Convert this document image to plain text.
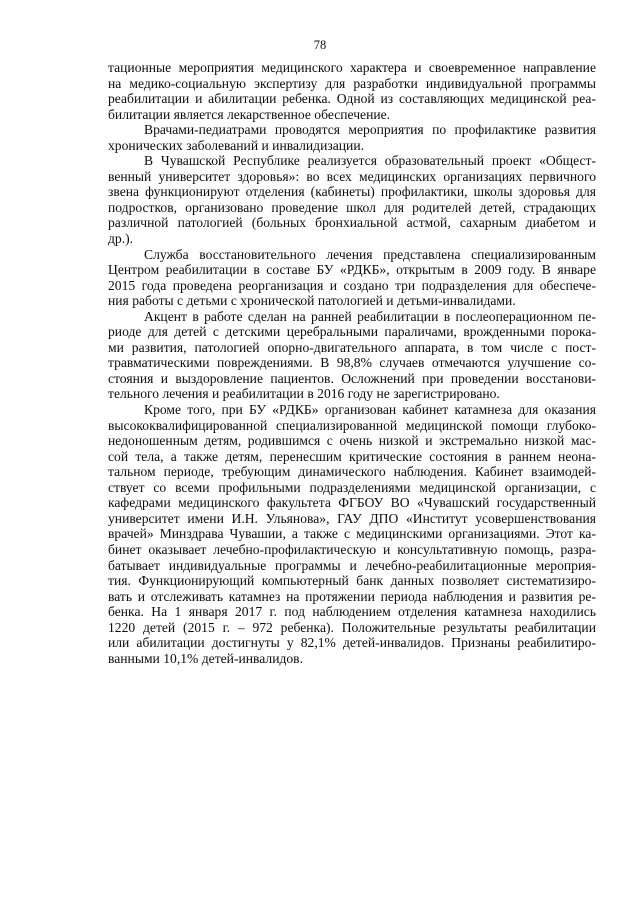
78
тационные мероприятия медицинского характера и своевременное направление
на медико-социальную экспертизу для разработки индивидуальной программы
реабилитации и абилитации ребенка. Одной из составляющих медицинской реа-
билитации является лекарственное обеспечение.
Врачами-педиатрами проводятся мероприятия по профилактике развития
хронических заболеваний и инвалидизации.
В Чувашской Республике реализуется образовательный проект «Общест-
венный университет здоровья»: во всех медицинских организациях первичного
звена функционируют отделения (кабинеты) профилактики, школы здоровья для
подростков, организовано проведение школ для родителей детей, страдающих
различной патологией (больных бронхиальной астмой, сахарным диабетом и
др.).
Служба восстановительного лечения представлена специализированным
Центром реабилитации в составе БУ «РДКБ», открытым в 2009 году. В январе
2015 года проведена реорганизация и создано три подразделения для обеспече-
ния работы с детьми с хронической патологией и детьми-инвалидами.
Акцент в работе сделан на ранней реабилитации в послеоперационном пе-
риоде для детей с детскими церебральными параличами, врожденными порока-
ми развития, патологией опорно-двигательного аппарата, в том числе с пост-
травматическими повреждениями. В 98,8% случаев отмечаются улучшение со-
стояния и выздоровление пациентов. Осложнений при проведении восстанови-
тельного лечения и реабилитации в 2016 году не зарегистрировано.
Кроме того, при БУ «РДКБ» организован кабинет катамнеза для оказания
высококвалифицированной специализированной медицинской помощи глубоко-
недоношенным детям, родившимся с очень низкой и экстремально низкой мас-
сой тела, а также детям, перенесшим критические состояния в раннем неона-
тальном периоде, требующим динамического наблюдения. Кабинет взаимодей-
ствует со всеми профильными подразделениями медицинской организации, с
кафедрами медицинского факультета ФГБОУ ВО «Чувашский государственный
университет имени И.Н. Ульянова», ГАУ ДПО «Институт усовершенствования
врачей» Минздрава Чувашии, а также с медицинскими организациями. Этот ка-
бинет оказывает лечебно-профилактическую и консультативную помощь, разра-
батывает индивидуальные программы и лечебно-реабилитационные мероприя-
тия. Функционирующий компьютерный банк данных позволяет систематизиро-
вать и отслеживать катамнез на протяжении периода наблюдения и развития ре-
бенка. На 1 января 2017 г. под наблюдением отделения катамнеза находились
1220 детей (2015 г. – 972 ребенка). Положительные результаты реабилитации
или абилитации достигнуты у 82,1% детей-инвалидов. Признаны реабилитиро-
ванными 10,1% детей-инвалидов.
